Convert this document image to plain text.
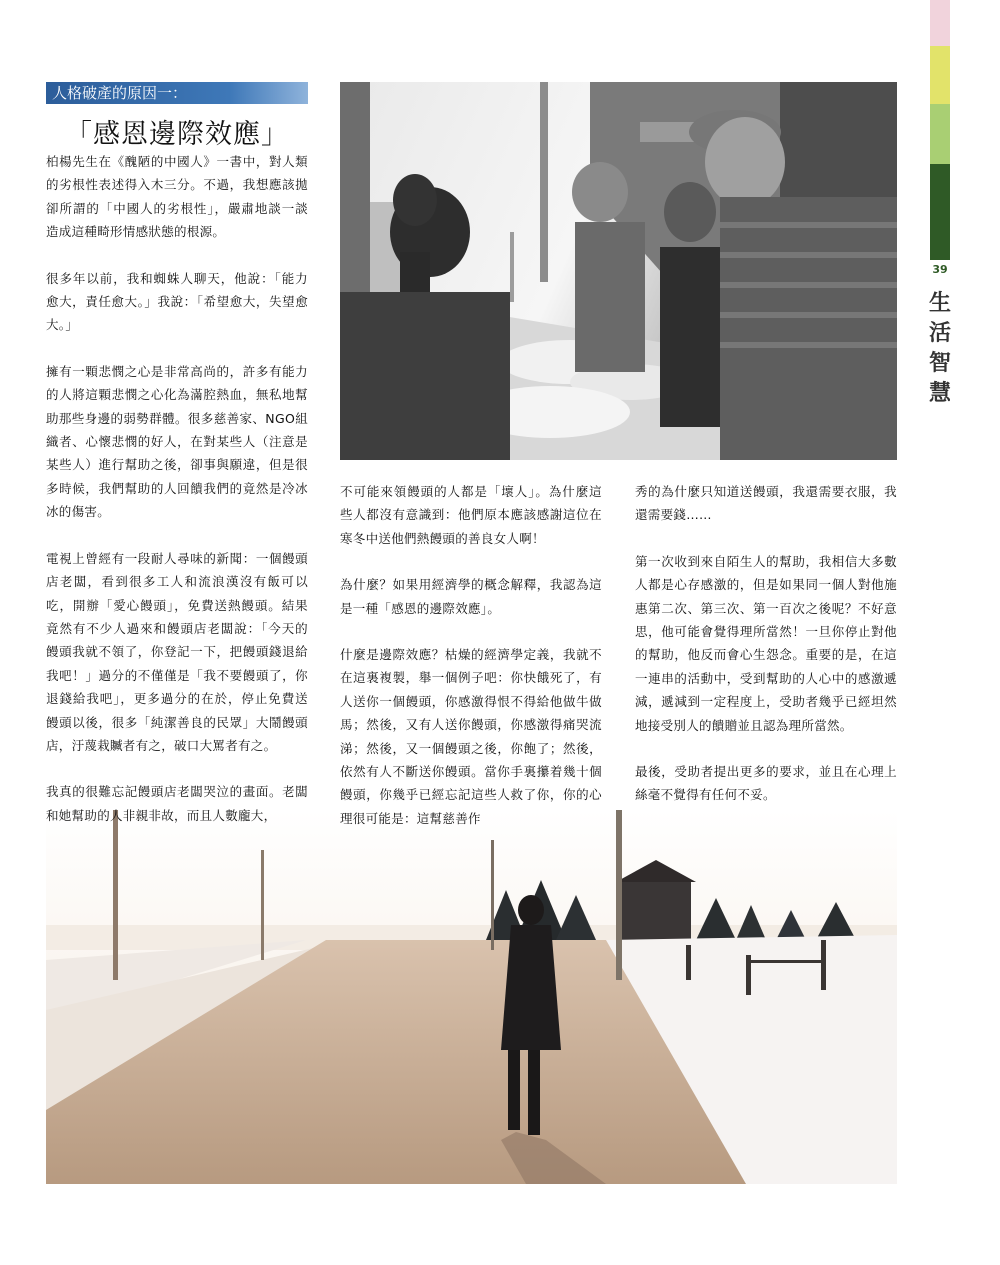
39
生
活
智
慧
人格破產的原因一：
「感恩邊際效應」

柏楊先生在《醜陋的中國人》一書中，對人類的劣根性表述得入木三分。不過，我想應該拋卻所謂的「中國人的劣根性」，嚴肅地談一談造成這種畸形情感狀態的根源。

很多年以前，我和蜘蛛人聊天，他說：「能力愈大，責任愈大。」我說：「希望愈大，失望愈大。」

擁有一顆悲憫之心是非常高尚的，許多有能力的人將這顆悲憫之心化為滿腔熱血，無私地幫助那些身邊的弱勢群體。很多慈善家、NGO組織者、心懷悲憫的好人，在對某些人（注意是某些人）進行幫助之後，卻事與願違，但是很多時候，我們幫助的人回饋我們的竟然是冷冰冰的傷害。

電視上曾經有一段耐人尋味的新聞：一個饅頭店老闆，看到很多工人和流浪漢沒有飯可以吃，開辦「愛心饅頭」，免費送熱饅頭。結果竟然有不少人過來和饅頭店老闆說：「今天的饅頭我就不領了，你登記一下，把饅頭錢退給我吧！」過分的不僅僅是「我不要饅頭了，你退錢給我吧」，更多過分的在於，停止免費送饅頭以後，很多「純潔善良的民眾」大鬧饅頭店，汙蔑栽贓者有之，破口大罵者有之。

我真的很難忘記饅頭店老闆哭泣的畫面。老闆和她幫助的人非親非故，而且人數龐大，

不可能來領饅頭的人都是「壞人」。為什麼這些人都沒有意識到：他們原本應該感謝這位在寒冬中送他們熱饅頭的善良女人啊！

為什麼？如果用經濟學的概念解釋，我認為這是一種「感恩的邊際效應」。

什麼是邊際效應？枯燥的經濟學定義，我就不在這裏複製，舉一個例子吧：你快餓死了，有人送你一個饅頭，你感激得恨不得給他做牛做馬；然後，又有人送你饅頭，你感激得痛哭流涕；然後，又一個饅頭之後，你飽了；然後，依然有人不斷送你饅頭。當你手裏攥着幾十個饅頭，你幾乎已經忘記這些人救了你，你的心理很可能是：這幫慈善作

秀的為什麼只知道送饅頭，我還需要衣服，我還需要錢……

第一次收到來自陌生人的幫助，我相信大多數人都是心存感激的，但是如果同一個人對他施惠第二次、第三次、第一百次之後呢？不好意思，他可能會覺得理所當然！一旦你停止對他的幫助，他反而會心生怨念。重要的是，在這一連串的活動中，受到幫助的人心中的感激遞減，遞減到一定程度上，受助者幾乎已經坦然地接受別人的饋贈並且認為理所當然。

最後，受助者提出更多的要求，並且在心理上絲毫不覺得有任何不妥。
